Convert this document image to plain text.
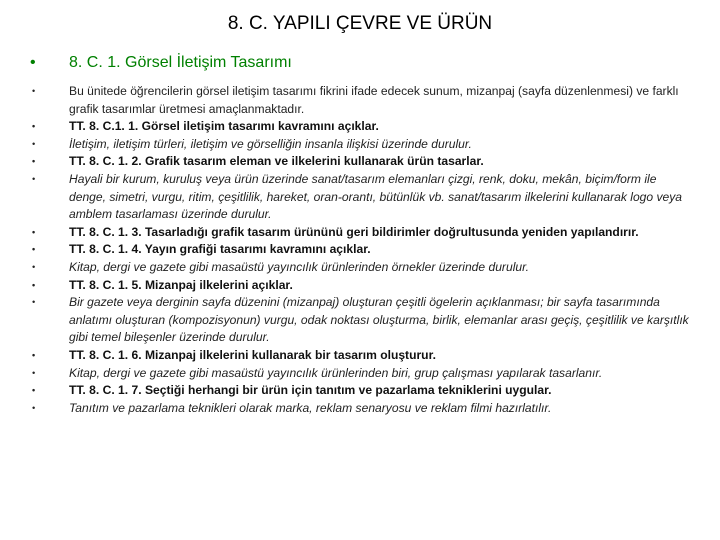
8. C. YAPILI ÇEVRE VE ÜRÜN
• 8. C. 1. Görsel İletişim Tasarımı
•	Bu ünitede öğrencilerin görsel iletişim tasarımı fikrini ifade edecek sunum, mizanpaj (sayfa düzenlenmesi) ve farklı grafik tasarımlar üretmesi amaçlanmaktadır.
•	TT. 8. C.1. 1. Görsel iletişim tasarımı kavramını açıklar.
•	İletişim, iletişim türleri, iletişim ve görselliğin insanla ilişkisi üzerinde durulur.
•	TT. 8. C. 1. 2. Grafik tasarım eleman ve ilkelerini kullanarak ürün tasarlar.
•	Hayali bir kurum, kuruluş veya ürün üzerinde sanat/tasarım elemanları çizgi, renk, doku, mekân, biçim/form ile denge, simetri, vurgu, ritim, çeşitlilik, hareket, oran-orantı, bütünlük vb. sanat/tasarım ilkelerini kullanarak logo veya amblem tasarlaması üzerinde durulur.
•	TT. 8. C. 1. 3. Tasarladığı grafik tasarım ürününü geri bildirimler doğrultusunda yeniden yapılandırır.
•	TT. 8. C. 1. 4. Yayın grafiği tasarımı kavramını açıklar.
•	Kitap, dergi ve gazete gibi masaüstü yayıncılık ürünlerinden örnekler üzerinde durulur.
•	TT. 8. C. 1. 5. Mizanpaj ilkelerini açıklar.
•	Bir gazete veya derginin sayfa düzenini (mizanpaj) oluşturan çeşitli ögelerin açıklanması; bir sayfa tasarımında anlatımı oluşturan (kompozisyonun) vurgu, odak noktası oluşturma, birlik, elemanlar arası geçiş, çeşitlilik ve karşıtlık gibi temel bileşenler üzerinde durulur.
•	TT. 8. C. 1. 6. Mizanpaj ilkelerini kullanarak bir tasarım oluşturur.
•	Kitap, dergi ve gazete gibi masaüstü yayıncılık ürünlerinden biri, grup çalışması yapılarak tasarlanır.
•	TT. 8. C. 1. 7. Seçtiği herhangi bir ürün için tanıtım ve pazarlama tekniklerini uygular.
•	Tanıtım ve pazarlama teknikleri olarak marka, reklam senaryosu ve reklam filmi hazırlatılır.
